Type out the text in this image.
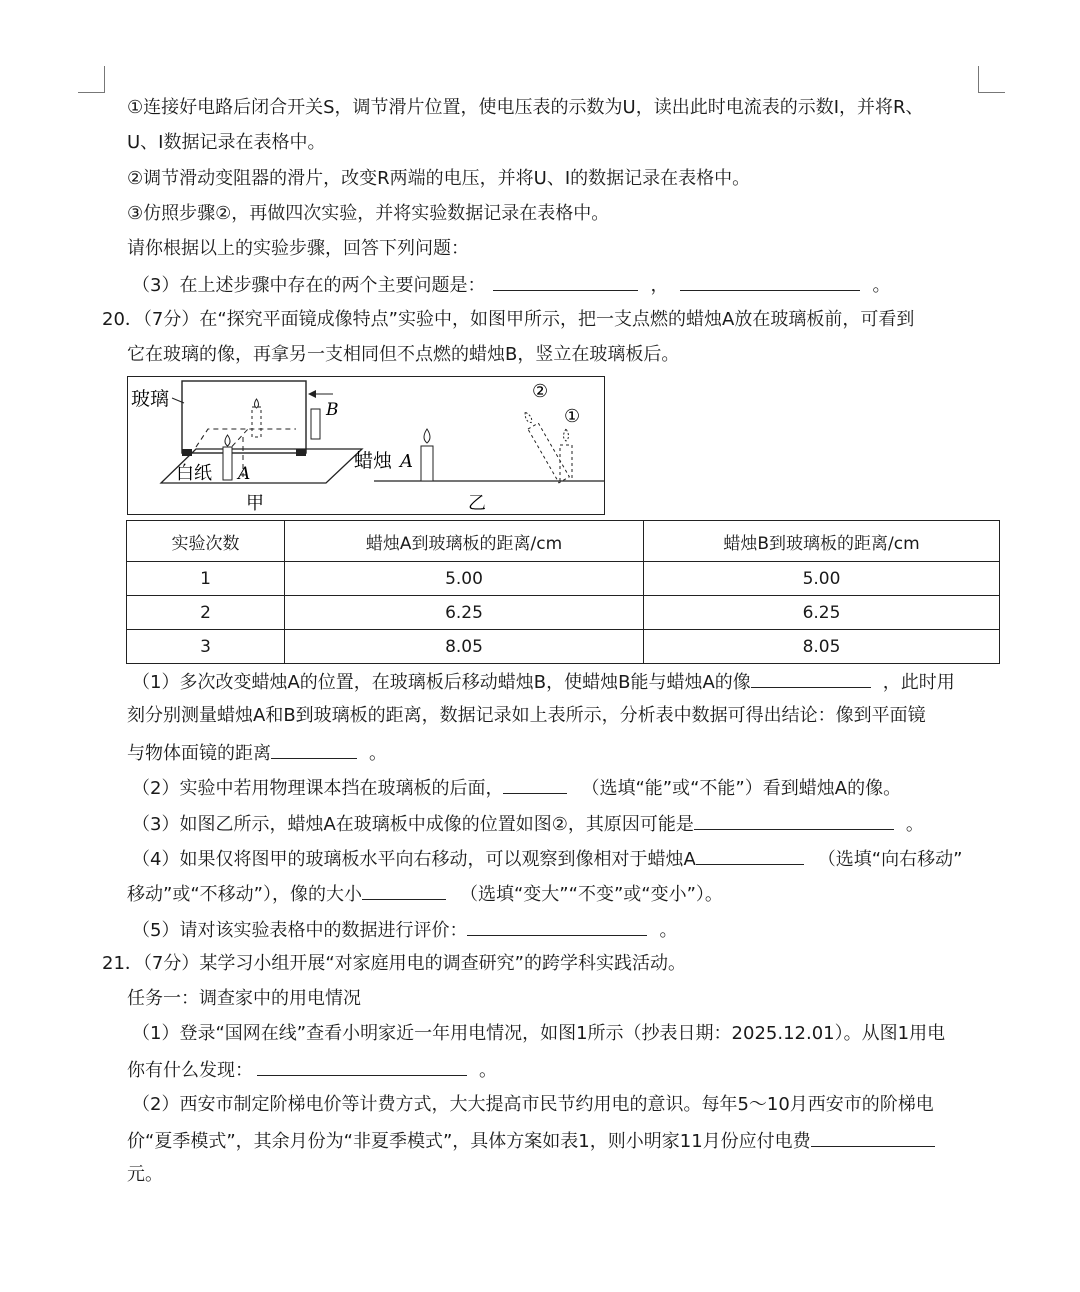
①连接好电路后闭合开关S，调节滑片位置，使电压表的示数为U，读出此时电流表的示数I，并将R、
U、I数据记录在表格中。
②调节滑动变阻器的滑片，改变R两端的电压，并将U、I的数据记录在表格中。
③仿照步骤②，再做四次实验，并将实验数据记录在表格中。
请你根据以上的实验步骤，回答下列问题：
（3）在上述步骤中存在的两个主要问题是：	，	。
20．（7分）在“探究平面镜成像特点”实验中，如图甲所示，把一支点燃的蜡烛A放在玻璃板前，可看到
它在玻璃的像，再拿另一支相同但不点燃的蜡烛B，竖立在玻璃板后。
玻璃
白纸 A
B
甲
蜡烛 A
②
①
乙
实验次数	蜡烛A到玻璃板的距离/cm	蜡烛B到玻璃板的距离/cm
1	5.00	5.00
2	6.25	6.25
3	8.05	8.05
（1）多次改变蜡烛A的位置，在玻璃板后移动蜡烛B，使蜡烛B能与蜡烛A的像	，此时用
刻分别测量蜡烛A和B到玻璃板的距离，数据记录如上表所示，分析表中数据可得出结论：像到平面镜
与物体面镜的距离	。
（2）实验中若用物理课本挡在玻璃板的后面，	（选填“能”或“不能”）看到蜡烛A的像。
（3）如图乙所示，蜡烛A在玻璃板中成像的位置如图②，其原因可能是	。
（4）如果仅将图甲的玻璃板水平向右移动，可以观察到像相对于蜡烛A	（选填“向右移动”
移动”或“不移动”），像的大小	（选填“变大”“不变”或“变小”）。
（5）请对该实验表格中的数据进行评价：	。
21．（7分）某学习小组开展“对家庭用电的调查研究”的跨学科实践活动。
任务一：调查家中的用电情况
（1）登录“国网在线”查看小明家近一年用电情况，如图1所示（抄表日期：2025.12.01）。从图1用电
你有什么发现：	。
（2）西安市制定阶梯电价等计费方式，大大提高市民节约用电的意识。每年5～10月西安市的阶梯电
价“夏季模式”，其余月份为“非夏季模式”，具体方案如表1，则小明家11月份应付电费
元。
